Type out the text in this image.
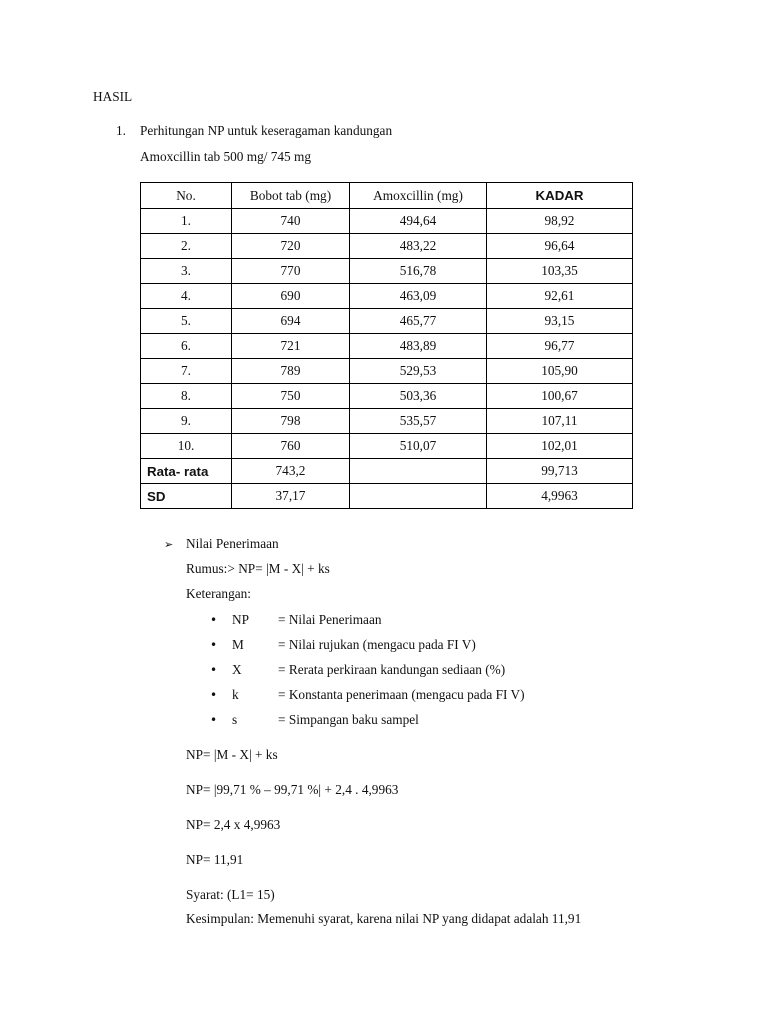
HASIL
1. Perhitungan NP untuk keseragaman kandungan
Amoxcillin tab 500 mg/ 745 mg
No.	Bobot tab (mg)	Amoxcillin (mg)	KADAR
1.	740	494,64	98,92
2.	720	483,22	96,64
3.	770	516,78	103,35
4.	690	463,09	92,61
5.	694	465,77	93,15
6.	721	483,89	96,77
7.	789	529,53	105,90
8.	750	503,36	100,67
9.	798	535,57	107,11
10.	760	510,07	102,01
Rata- rata	743,2		99,713
SD	37,17		4,9963
➢ Nilai Penerimaan
Rumus:> NP= |M - X| + ks
Keterangan:
• NP = Nilai Penerimaan
• M	= Nilai rujukan (mengacu pada FI V)
• X	= Rerata perkiraan kandungan sediaan (%)
• k	= Konstanta penerimaan (mengacu pada FI V)
• s	= Simpangan baku sampel
NP= |M - X| + ks
NP= |99,71 % – 99,71 %| + 2,4 . 4,9963
NP= 2,4 x 4,9963
NP= 11,91
Syarat: (L1= 15)
Kesimpulan: Memenuhi syarat, karena nilai NP yang didapat adalah 11,91
